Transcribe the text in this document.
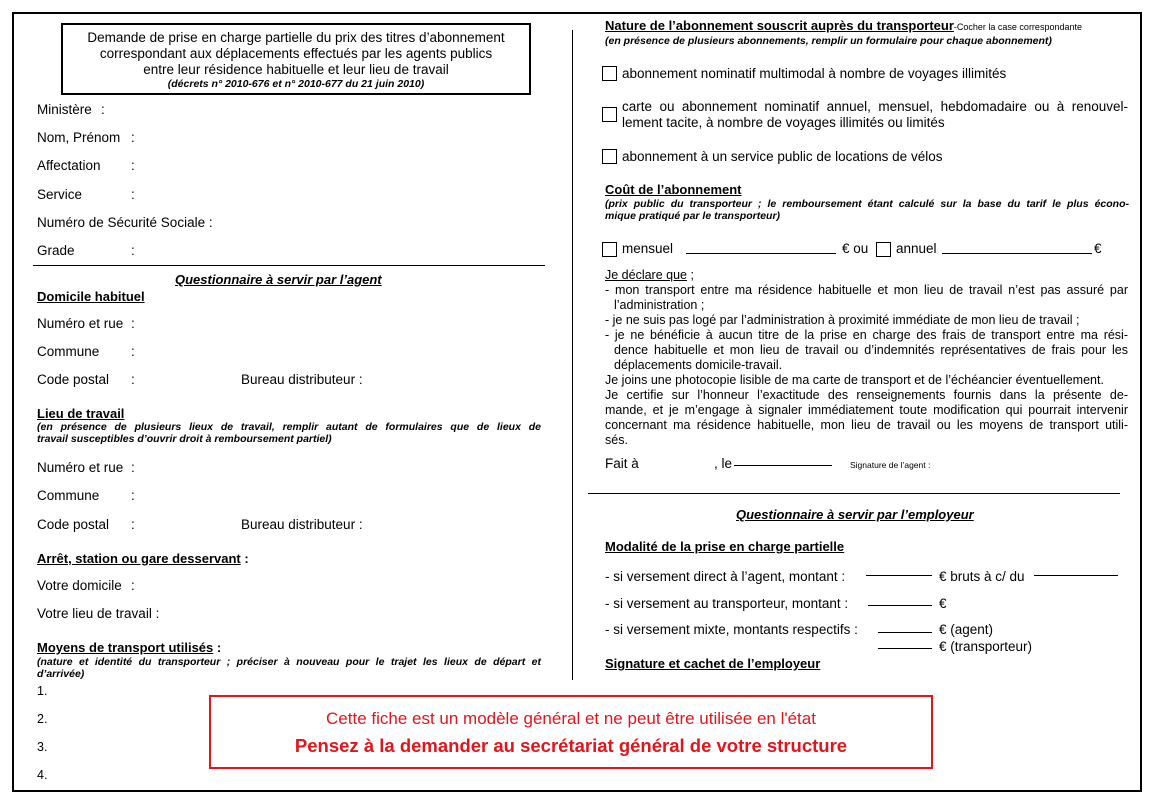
Demande de prise en charge partielle du prix des titres d’abonnement
correspondant aux déplacements effectués par les agents publics
entre leur résidence habituelle et leur lieu de travail
(décrets n° 2010-676 et n° 2010-677 du 21 juin 2010)
Ministère :
Nom, Prénom :
Affectation :
Service	:
Numéro de Sécurité Sociale :
Grade	:
Questionnaire à servir par l’agent
Domicile habituel
Numéro et rue :
Commune :
Code postal :	Bureau distributeur :
Lieu de travail
(en présence de plusieurs lieux de travail, remplir autant de formulaires que de lieux de
travail susceptibles d’ouvrir droit à remboursement partiel)
Numéro et rue :
Commune :
Code postal :	Bureau distributeur :
Arrêt, station ou gare desservant :
Votre domicile :
Votre lieu de travail :
Moyens de transport utilisés :
(nature et identité du transporteur ; préciser à nouveau pour le trajet les lieux de départ et
d’arrivée)
1.
2.
3.
4.
Nature de l’abonnement souscrit auprès du transporteur-Cocher la case correspondante
(en présence de plusieurs abonnements, remplir un formulaire pour chaque abonnement)
abonnement nominatif multimodal à nombre de voyages illimités
carte ou abonnement nominatif annuel, mensuel, hebdomadaire ou à renouvel-
lement tacite, à nombre de voyages illimités ou limités
abonnement à un service public de locations de vélos
Coût de l’abonnement
(prix public du transporteur ; le remboursement étant calculé sur la base du tarif le plus écono-
mique pratiqué par le transporteur)
mensuel	€ ou annuel	€
Je déclare que ;
- mon transport entre ma résidence habituelle et mon lieu de travail n’est pas assuré par
l’administration ;
- je ne suis pas logé par l’administration à proximité immédiate de mon lieu de travail ;
- je ne bénéficie à aucun titre de la prise en charge des frais de transport entre ma rési-
dence habituelle et mon lieu de travail ou d’indemnités représentatives de frais pour les
déplacements domicile-travail.
Je joins une photocopie lisible de ma carte de transport et de l’échéancier éventuellement.
Je certifie sur l’honneur l’exactitude des renseignements fournis dans la présente de-
mande, et je m’engage à signaler immédiatement toute modification qui pourrait intervenir
concernant ma résidence habituelle, mon lieu de travail ou les moyens de transport utili-
sés.
Fait à	, le	Signature de l’agent :
Questionnaire à servir par l’employeur
Modalité de la prise en charge partielle
- si versement direct à l’agent, montant :	€ bruts à c/ du
- si versement au transporteur, montant :	€
- si versement mixte, montants respectifs :	€ (agent)
€ (transporteur)
Signature et cachet de l’employeur
Cette fiche est un modèle général et ne peut être utilisée en l'état
Pensez à la demander au secrétariat général de votre structure
